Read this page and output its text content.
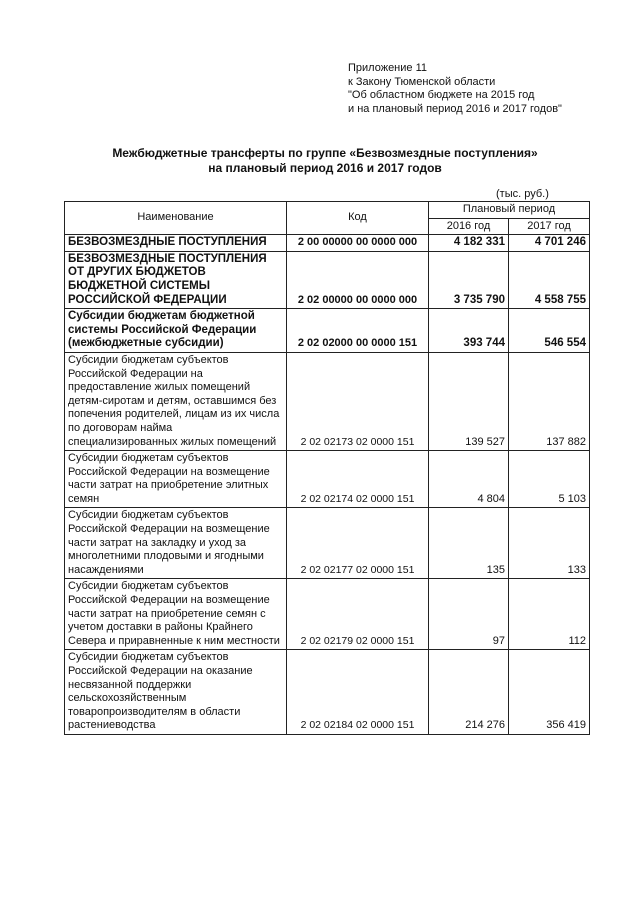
Приложение 11
к Закону Тюменской области
"Об областном бюджете на 2015 год
и на плановый период 2016 и 2017 годов"
Межбюджетные трансферты по группе «Безвозмездные поступления»
на плановый период 2016 и 2017 годов
(тыс. руб.)
Наименование	Код	Плановый период	
		2016 год	2017 год
БЕЗВОЗМЕЗДНЫЕ ПОСТУПЛЕНИЯ	2 00 00000 00 0000 000	4 182 331	4 701 246
БЕЗВОЗМЕЗДНЫЕ ПОСТУПЛЕНИЯ ОТ ДРУГИХ БЮДЖЕТОВ БЮДЖЕТНОЙ СИСТЕМЫ РОССИЙСКОЙ ФЕДЕРАЦИИ	2 02 00000 00 0000 000	3 735 790	4 558 755
Субсидии бюджетам бюджетной системы Российской Федерации (межбюджетные субсидии)	2 02 02000 00 0000 151	393 744	546 554
Субсидии бюджетам субъектов Российской Федерации на предоставление жилых помещений детям-сиротам и детям, оставшимся без попечения родителей, лицам из их числа по договорам найма специализированных жилых помещений	2 02 02173 02 0000 151	139 527	137 882
Субсидии бюджетам субъектов Российской Федерации на возмещение части затрат на приобретение элитных семян	2 02 02174 02 0000 151	4 804	5 103
Субсидии бюджетам субъектов Российской Федерации на возмещение части затрат на закладку и уход за многолетними плодовыми и ягодными насаждениями	2 02 02177 02 0000 151	135	133
Субсидии бюджетам субъектов Российской Федерации на возмещение части затрат на приобретение семян с учетом доставки в районы Крайнего Севера и приравненные к ним местности	2 02 02179 02 0000 151	97	112
Субсидии бюджетам субъектов Российской Федерации на оказание несвязанной поддержки сельскохозяйственным товаропроизводителям в области растениеводства	2 02 02184 02 0000 151	214 276	356 419
